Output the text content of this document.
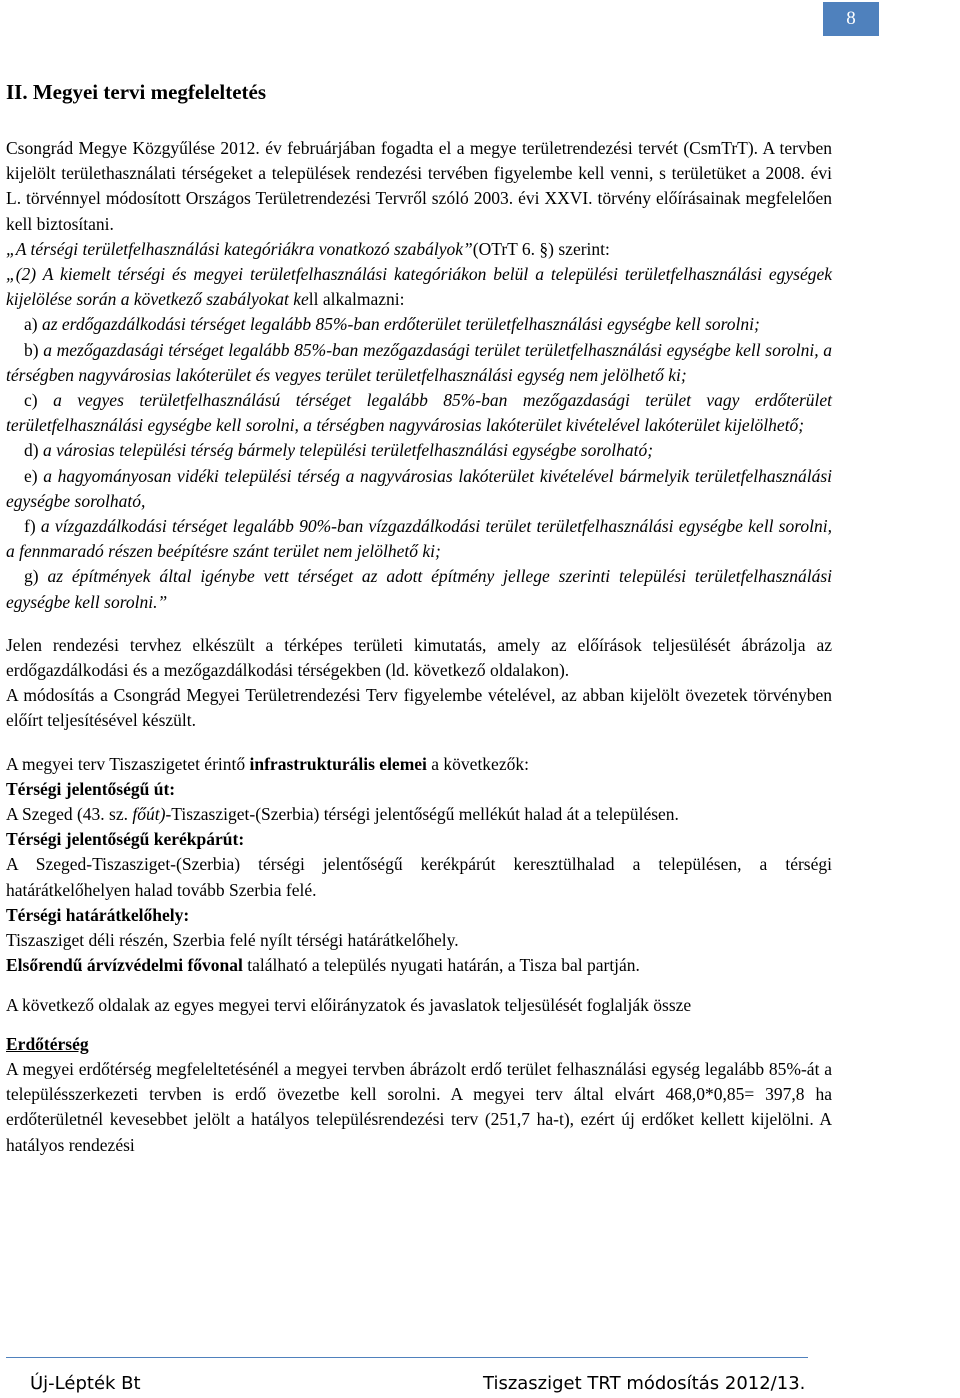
8

II. Megyei tervi megfeleltetés

Csongrád Megye Közgyűlése 2012. év februárjában fogadta el a megye területrendezési tervét (CsmTrT). A tervben kijelölt területhasználati térségeket a települések rendezési tervében figyelembe kell venni, s területüket a 2008. évi L. törvénnyel módosított Országos Területrendezési Tervről szóló 2003. évi XXVI. törvény előírásainak megfelelően kell biztosítani.

„A térségi területfelhasználási kategóriákra vonatkozó szabályok”(OTrT 6. §) szerint:

„(2) A kiemelt térségi és megyei területfelhasználási kategóriákon belül a települési területfelhasználási egységek kijelölése során a következő szabályokat kell alkalmazni:

a) az erdőgazdálkodási térséget legalább 85%-ban erdőterület területfelhasználási egységbe kell sorolni;

b) a mezőgazdasági térséget legalább 85%-ban mezőgazdasági terület területfelhasználási egységbe kell sorolni, a térségben nagyvárosias lakóterület és vegyes terület területfelhasználási egység nem jelölhető ki;

c) a vegyes területfelhasználású térséget legalább 85%-ban mezőgazdasági terület vagy erdőterület területfelhasználási egységbe kell sorolni, a térségben nagyvárosias lakóterület kivételével lakóterület kijelölhető;

d) a városias települési térség bármely települési területfelhasználási egységbe sorolható;

e) a hagyományosan vidéki települési térség a nagyvárosias lakóterület kivételével bármelyik területfelhasználási egységbe sorolható,

f) a vízgazdálkodási térséget legalább 90%-ban vízgazdálkodási terület területfelhasználási egységbe kell sorolni, a fennmaradó részen beépítésre szánt terület nem jelölhető ki;

g) az építmények által igénybe vett térséget az adott építmény jellege szerinti települési területfelhasználási egységbe kell sorolni.”

Jelen rendezési tervhez elkészült a térképes területi kimutatás, amely az előírások teljesülését ábrázolja az erdőgazdálkodási és a mezőgazdálkodási térségekben (ld. következő oldalakon).

A módosítás a Csongrád Megyei Területrendezési Terv figyelembe vételével, az abban kijelölt övezetek törvényben előírt teljesítésével készült.

A megyei terv Tiszaszigetet érintő infrastrukturális elemei a következők:

Térségi jelentőségű út:

A Szeged (43. sz. főút)-Tiszasziget-(Szerbia) térségi jelentőségű mellékút halad át a településen.

Térségi jelentőségű kerékpárút:

A Szeged-Tiszasziget-(Szerbia) térségi jelentőségű kerékpárút keresztülhalad a településen, a térségi határátkelőhelyen halad tovább Szerbia felé.

Térségi határátkelőhely:

Tiszasziget déli részén, Szerbia felé nyílt térségi határátkelőhely.

Elsőrendű árvízvédelmi fővonal található a település nyugati határán, a Tisza bal partján.

A következő oldalak az egyes megyei tervi előirányzatok és javaslatok teljesülését foglalják össze

Erdőtérség

A megyei erdőtérség megfeleltetésénél a megyei tervben ábrázolt erdő terület felhasználási egység legalább 85%-át a településszerkezeti tervben is erdő övezetbe kell sorolni. A megyei terv által elvárt 468,0*0,85= 397,8 ha erdőterületnél kevesebbet jelölt a hatályos településrendezési terv (251,7 ha-t), ezért új erdőket kellett kijelölni. A hatályos rendezési

Új-Lépték Bt	Tiszasziget TRT módosítás 2012/13.
